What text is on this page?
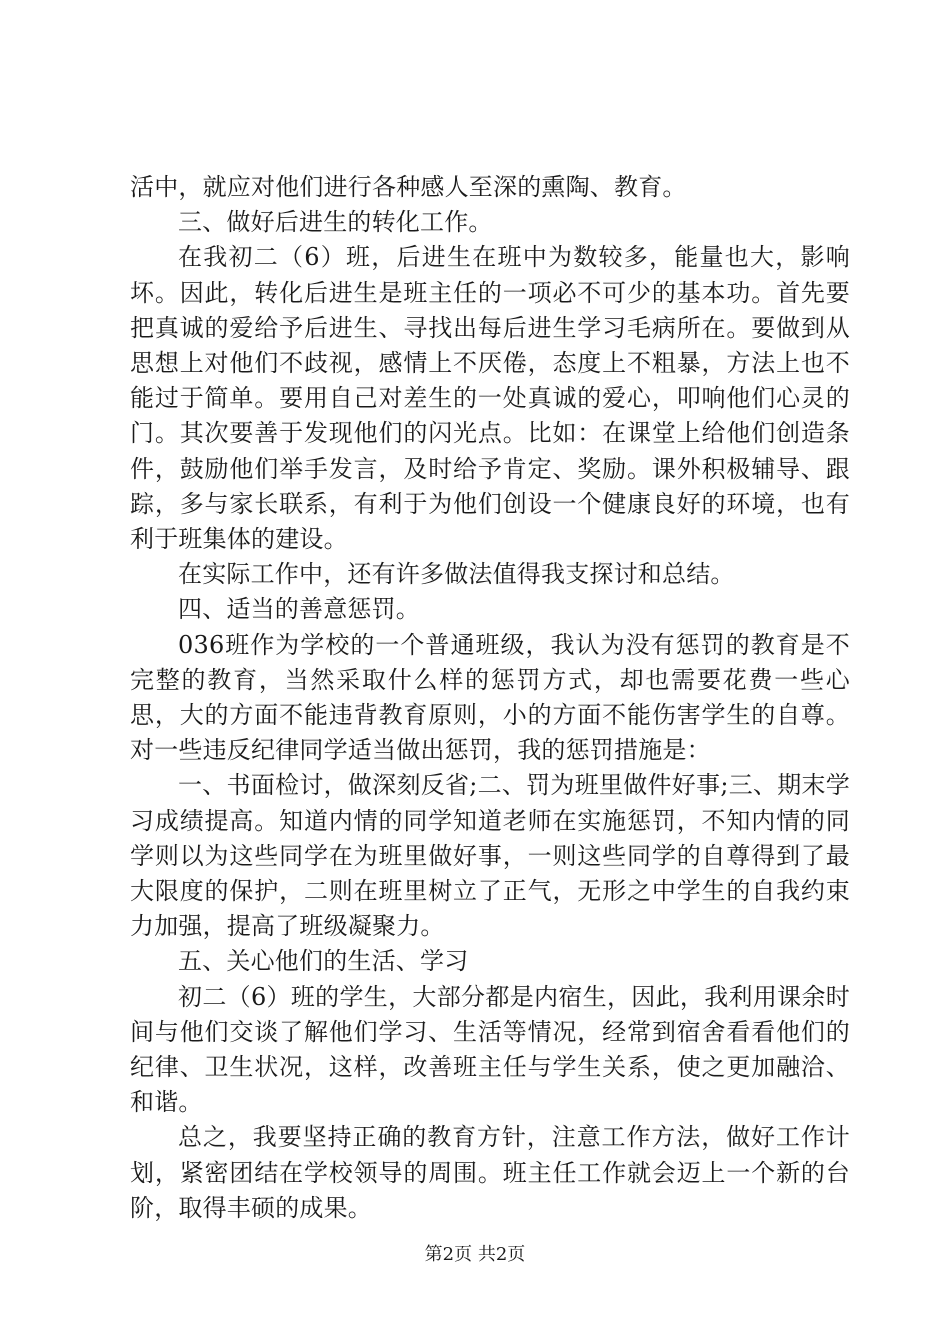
活中，就应对他们进行各种感人至深的熏陶、教育。

三、做好后进生的转化工作。

在我初二（6）班，后进生在班中为数较多，能量也大，影响坏。因此，转化后进生是班主任的一项必不可少的基本功。首先要把真诚的爱给予后进生、寻找出每后进生学习毛病所在。要做到从思想上对他们不歧视，感情上不厌倦，态度上不粗暴，方法上也不能过于简单。要用自己对差生的一处真诚的爱心，叩响他们心灵的门。其次要善于发现他们的闪光点。比如：在课堂上给他们创造条件，鼓励他们举手发言，及时给予肯定、奖励。课外积极辅导、跟踪，多与家长联系，有利于为他们创设一个健康良好的环境，也有利于班集体的建设。

在实际工作中，还有许多做法值得我支探讨和总结。

四、适当的善意惩罚。

036班作为学校的一个普通班级，我认为没有惩罚的教育是不完整的教育，当然采取什么样的惩罚方式，却也需要花费一些心思，大的方面不能违背教育原则，小的方面不能伤害学生的自尊。对一些违反纪律同学适当做出惩罚，我的惩罚措施是：

一、书面检讨，做深刻反省;二、罚为班里做件好事;三、期末学习成绩提高。知道内情的同学知道老师在实施惩罚，不知内情的同学则以为这些同学在为班里做好事，一则这些同学的自尊得到了最大限度的保护，二则在班里树立了正气，无形之中学生的自我约束力加强，提高了班级凝聚力。

五、关心他们的生活、学习

初二（6）班的学生，大部分都是内宿生，因此，我利用课余时间与他们交谈了解他们学习、生活等情况，经常到宿舍看看他们的纪律、卫生状况，这样，改善班主任与学生关系，使之更加融洽、和谐。

总之，我要坚持正确的教育方针，注意工作方法，做好工作计划，紧密团结在学校领导的周围。班主任工作就会迈上一个新的台阶，取得丰硕的成果。

第2页 共2页
